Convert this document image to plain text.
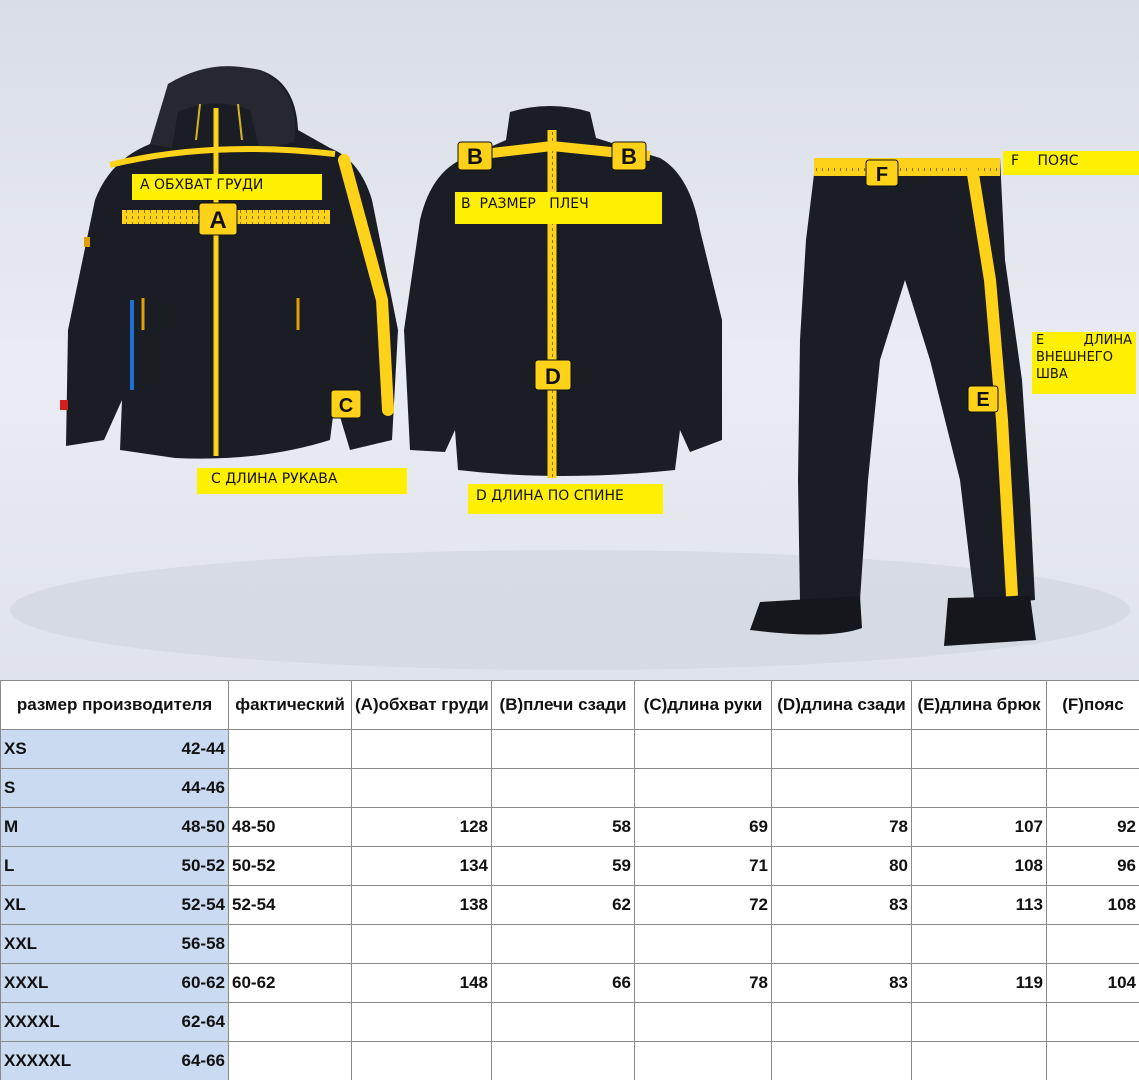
A
C
B	B
D
F
E
А ОБХВАТ ГРУДИ
В  РАЗМЕР   ПЛЕЧ
С ДЛИНА РУКАВА
D ДЛИНА ПО СПИНЕ
F ПОЯС
Е	ДЛИНА
ВНЕШНЕГО
ШВА
размер производителя	фактический	(А)обхват груди	(В)плечи сзади	(С)длина руки	(D)длина сзади	(Е)длина брюк	(F)пояс
XS 42-44							

S 44-46							

M 48-50	48-50	128	58	69	78	107	92
L 50-52	50-52	134	59	71	80	108	96
XL 52-54	52-54	138	62	72	83	113	108
XXL 56-58							

XXXL 60-62	60-62	148	66	78	83	119	104
XXXXL 62-64							

XXXXXL 64-66							
